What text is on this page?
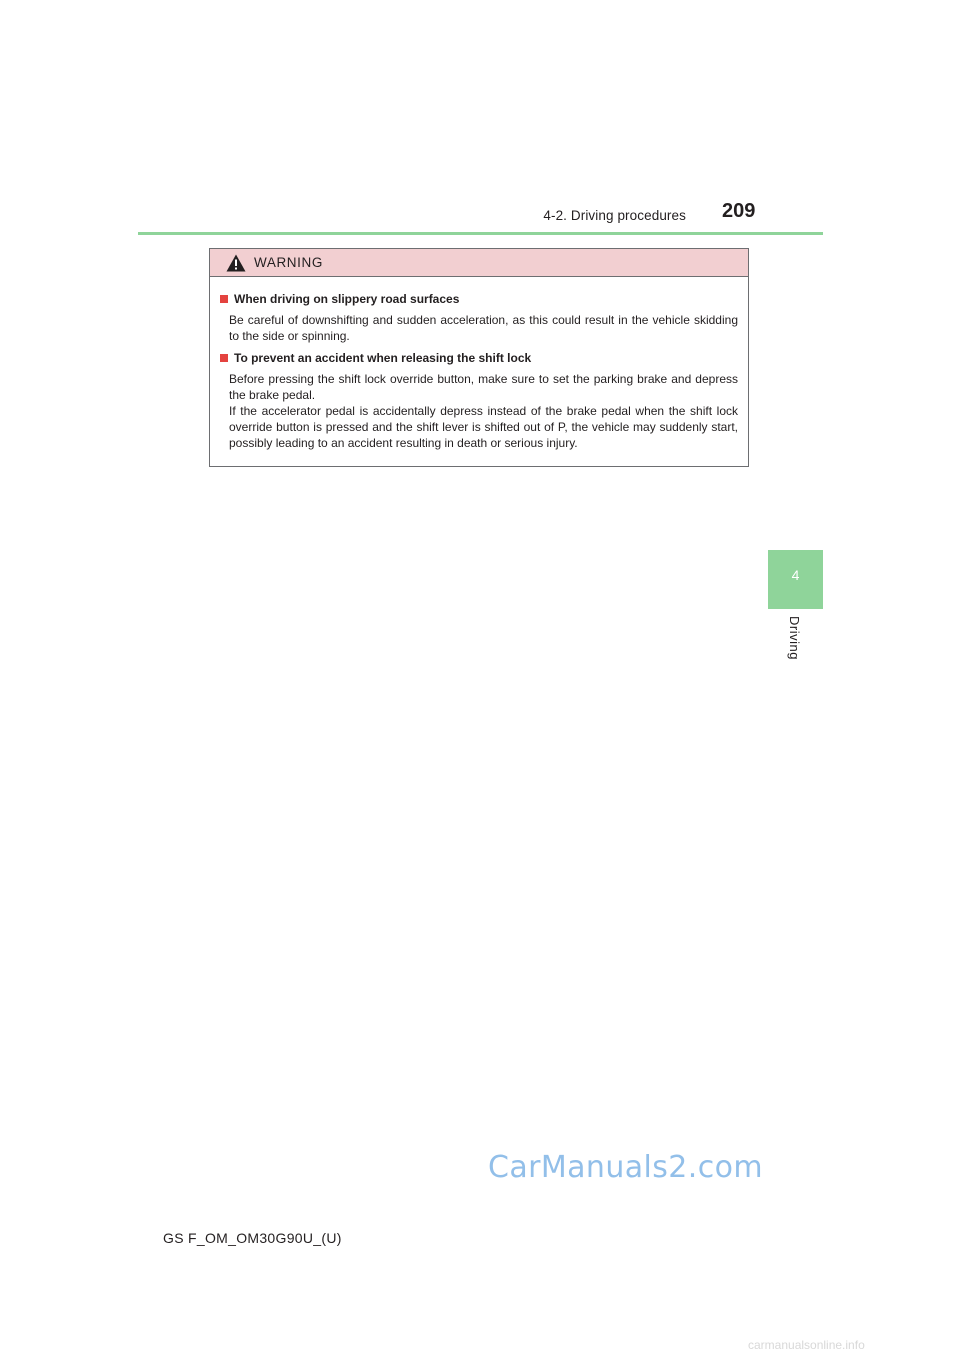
4-2. Driving procedures 209
4
Driving
WARNING
When driving on slippery road surfaces

Be careful of downshifting and sudden acceleration, as this could result in the vehicle skidding to the side or spinning.

To prevent an accident when releasing the shift lock

Before pressing the shift lock override button, make sure to set the parking brake and depress the brake pedal.

If the accelerator pedal is accidentally depress instead of the brake pedal when the shift lock override button is pressed and the shift lever is shifted out of P, the vehicle may suddenly start, possibly leading to an accident resulting in death or serious injury.

GS F_OM_OM30G90U_(U)
CarManuals2.com
carmanualsonline.info
